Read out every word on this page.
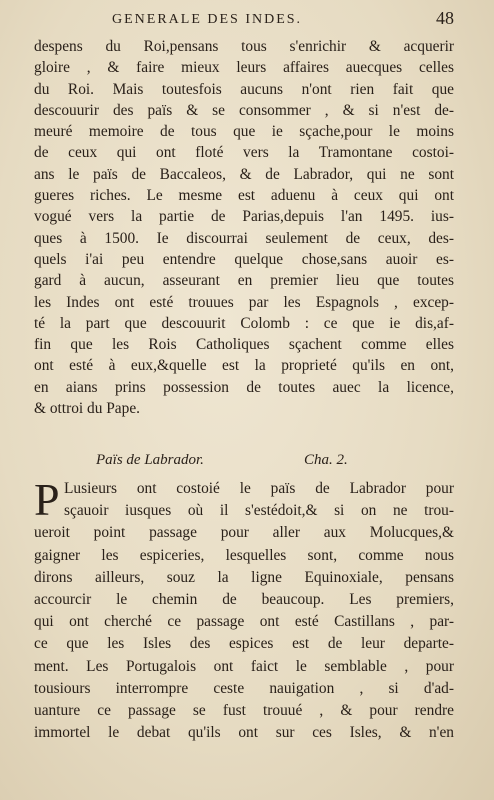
GENERALE DES INDES.	48
despens du Roi,pensans tous s'enrichir & acquerir
gloire , & faire mieux leurs affaires auecques celles
du Roi. Mais toutesfois aucuns n'ont rien fait que
descouurir des païs & se consommer , & si n'est de-
meuré memoire de tous que ie sçache,pour le moins
de ceux qui ont floté vers la Tramontane costoi-
ans le païs de Baccaleos, & de Labrador, qui ne sont
gueres riches. Le mesme est aduenu à ceux qui ont
vogué vers la partie de Parias,depuis l'an 1495. ius-
ques à 1500. Ie discourrai seulement de ceux, des-
quels i'ai peu entendre quelque chose,sans auoir es-
gard à aucun, asseurant en premier lieu que toutes
les Indes ont esté trouues par les Espagnols , excep-
té la part que descouurit Colomb : ce que ie dis,af-
fin que les Rois Catholiques sçachent comme elles
ont esté à eux,&quelle est la proprieté qu'ils en ont,
en aians prins possession de toutes auec la licence,
& ottroi du Pape.
Païs de Labrador.	Cha. 2.
P Lusieurs ont costoié le païs de Labrador pour
sçauoir iusques où il s'estédoit,& si on ne trou-
ueroit point passage pour aller aux Molucques,&
gaigner les espiceries, lesquelles sont, comme nous
dirons ailleurs, souz la ligne Equinoxiale, pensans
accourcir le chemin de beaucoup. Les premiers,
qui ont cherché ce passage ont esté Castillans , par-
ce que les Isles des espices est de leur departe-
ment. Les Portugalois ont faict le semblable , pour
tousiours interrompre ceste nauigation , si d'ad-
uanture ce passage se fust trouué , & pour rendre
immortel le debat qu'ils ont sur ces Isles, & n'en
